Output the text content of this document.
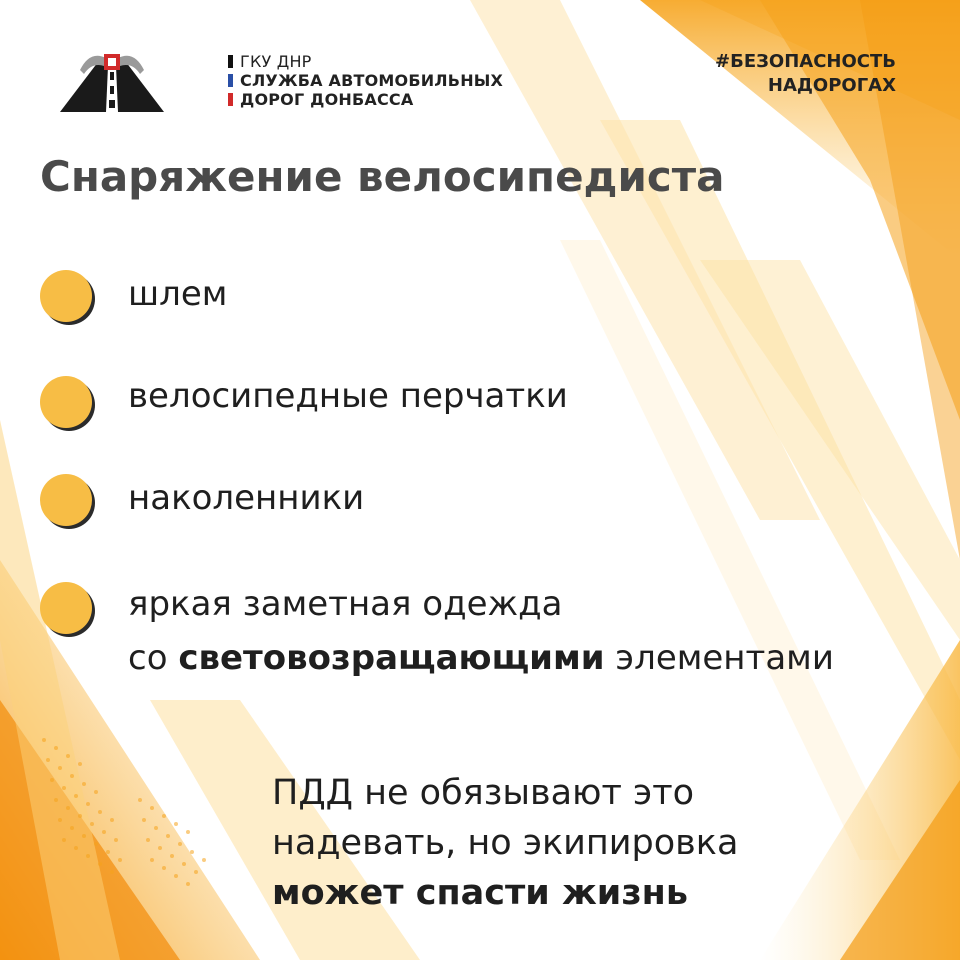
ГКУ ДНР
СЛУЖБА АВТОМОБИЛЬНЫХ
ДОРОГ ДОНБАССА
#БЕЗОПАСНОСТЬ
НАДОРОГАХ
Снаряжение велосипедиста
шлем
велосипедные перчатки
наколенники
яркая заметная одежда
со световозращающими элементами
ПДД не обязывают это
надевать, но экипировка
может спасти жизнь
